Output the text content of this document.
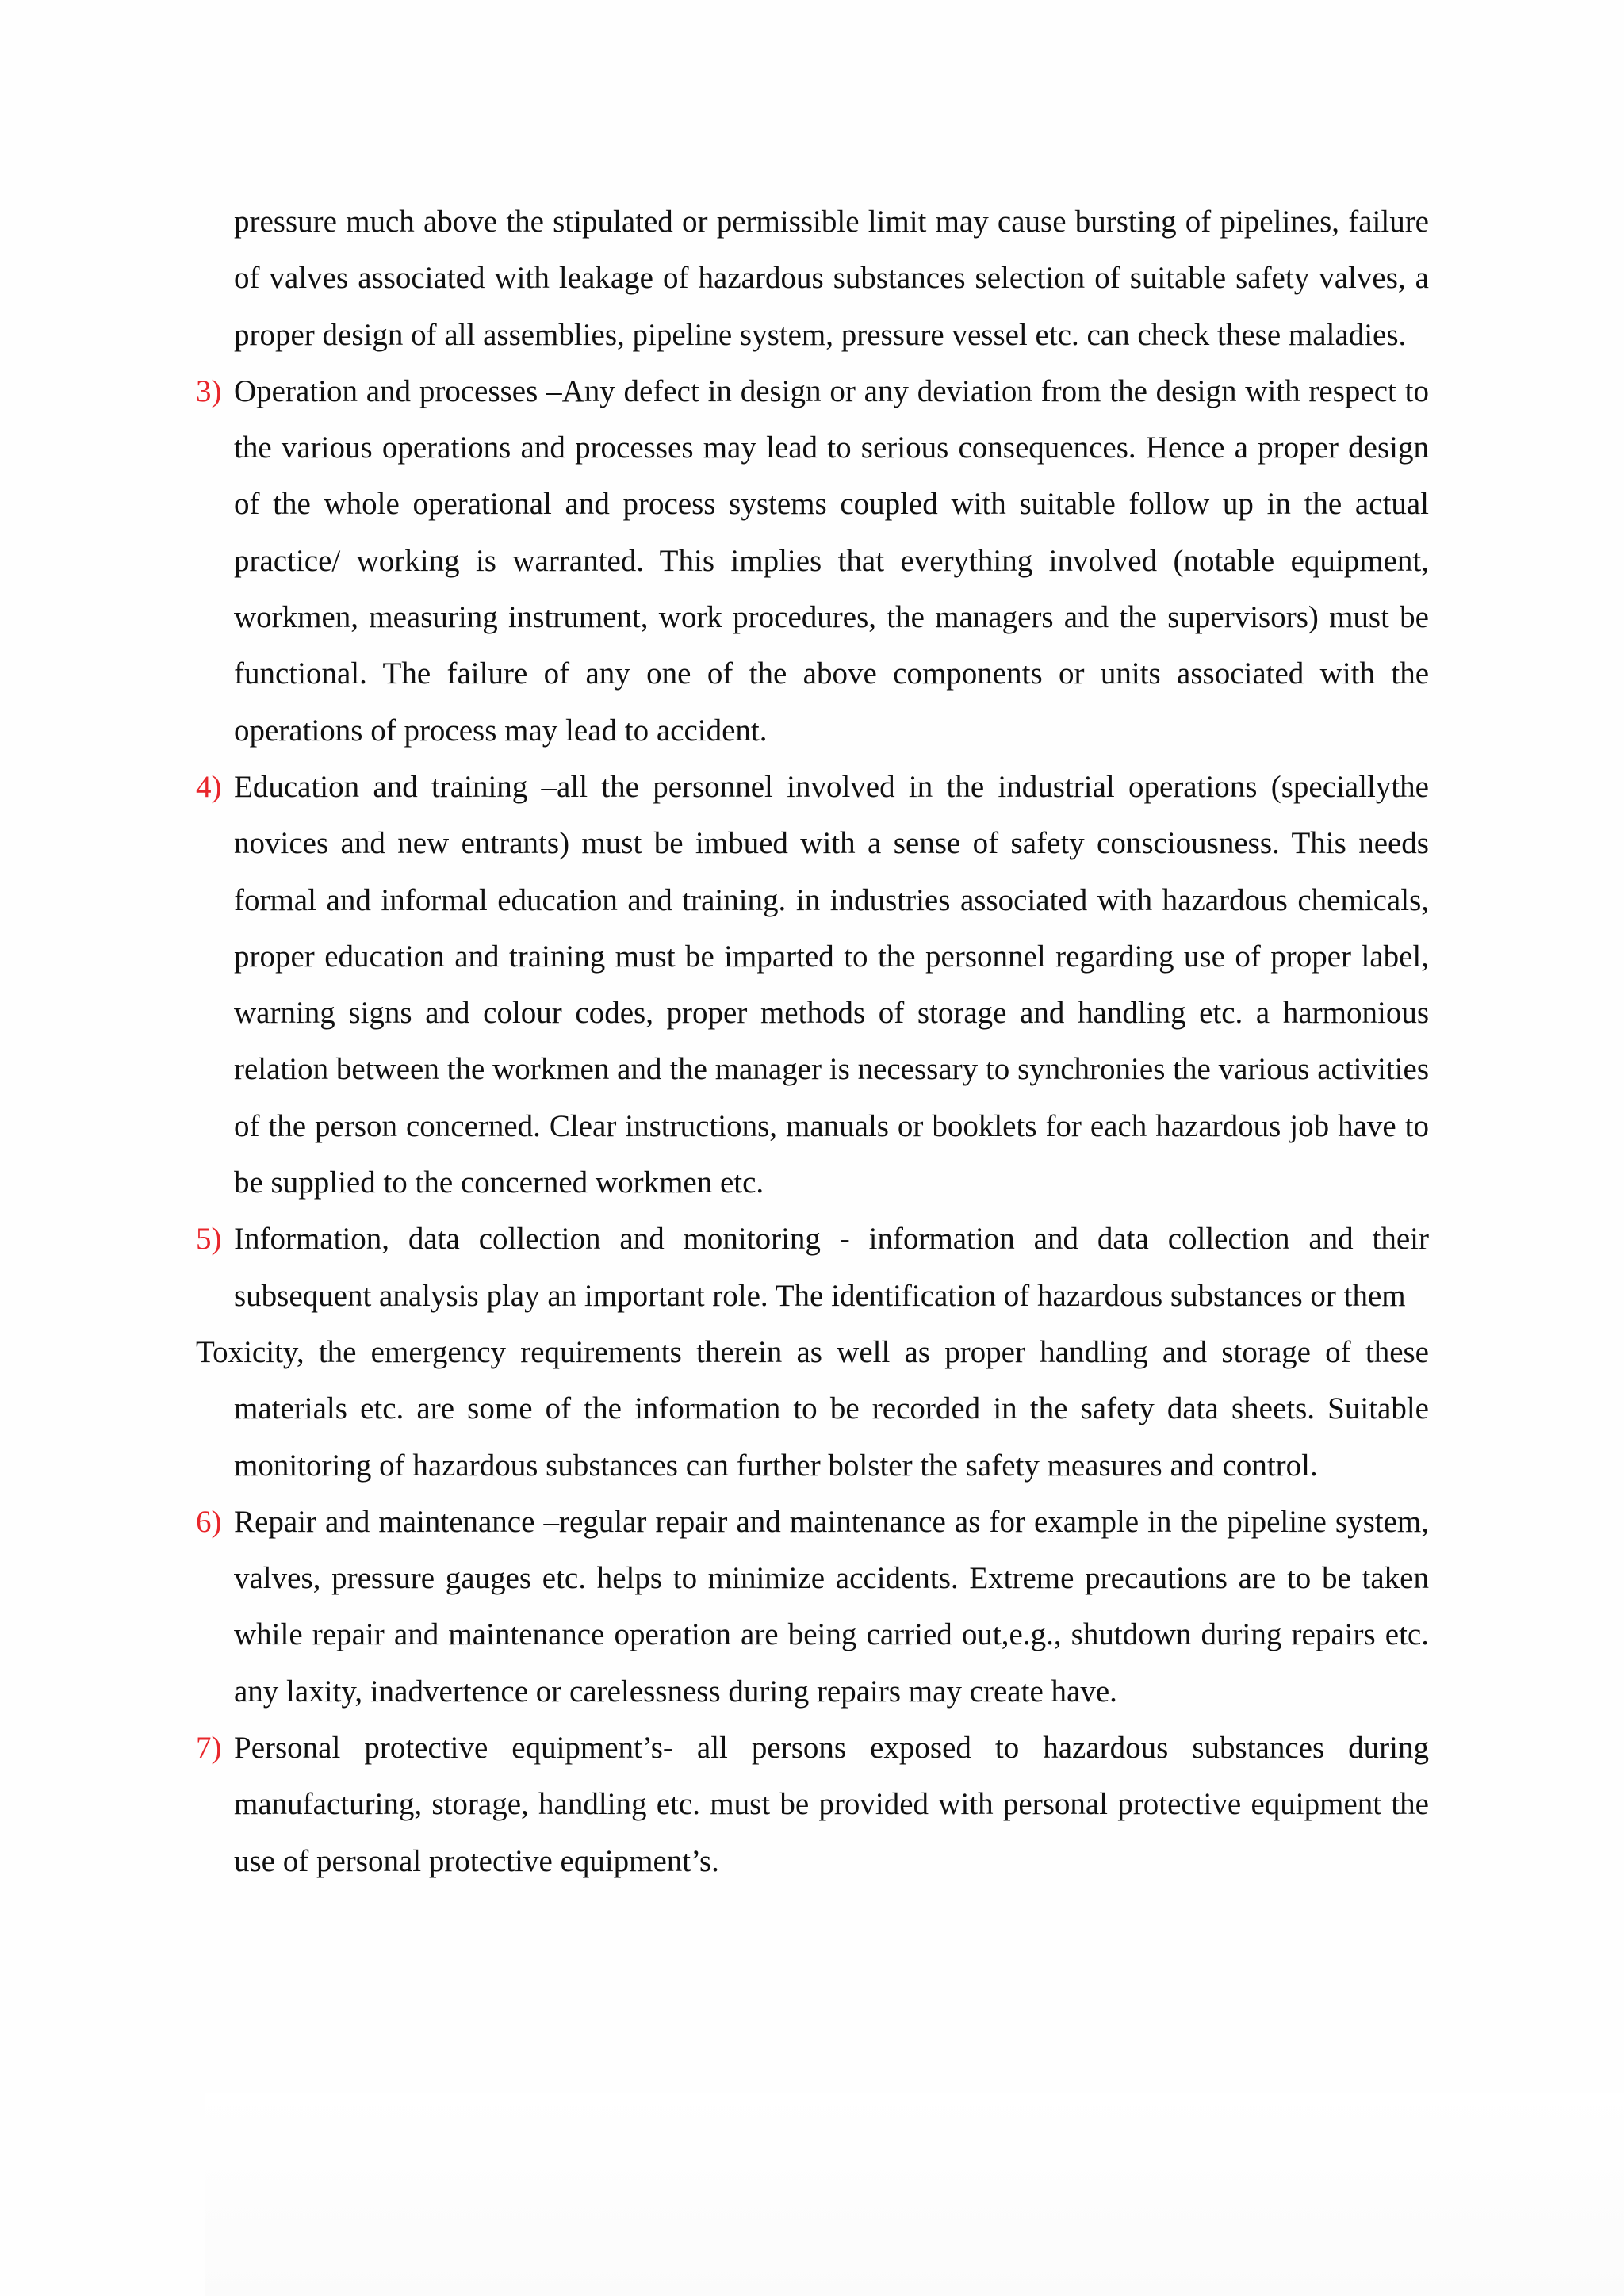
pressure much above the stipulated or permissible limit may cause bursting of pipelines, failure of valves associated with leakage of hazardous substances selection of suitable safety valves, a proper design of all assemblies, pipeline system, pressure vessel etc. can check these maladies.

3) Operation and processes –Any defect in design or any deviation from the design with respect to the various operations and processes may lead to serious consequences. Hence a proper design of the whole operational and process systems coupled with suitable follow up in the actual practice/ working is warranted. This implies that everything involved (notable equipment, workmen, measuring instrument, work procedures, the managers and the supervisors) must be functional. The failure of any one of the above components or units associated with the operations of process may lead to accident.
4) Education and training –all the personnel involved in the industrial operations (speciallythe novices and new entrants) must be imbued with a sense of safety consciousness. This needs formal and informal education and training. in industries associated with hazardous chemicals, proper education and training must be imparted to the personnel regarding use of proper label, warning signs and colour codes, proper methods of storage and handling etc. a harmonious relation between the workmen and the manager is necessary to synchronies the various activities of the person concerned. Clear instructions, manuals or booklets for each hazardous job have to be supplied to the concerned workmen etc.
5) Information, data collection and monitoring - information and data collection and their subsequent analysis play an important role. The identification of hazardous substances or them

Toxicity, the emergency requirements therein as well as proper handling and storage of these materials etc. are some of the information to be recorded in the safety data sheets. Suitable monitoring of hazardous substances can further bolster the safety measures and control.

6) Repair and maintenance –regular repair and maintenance as for example in the pipeline system, valves, pressure gauges etc. helps to minimize accidents. Extreme precautions are to be taken while repair and maintenance operation are being carried out,e.g., shutdown during repairs etc. any laxity, inadvertence or carelessness during repairs may create have.
7) Personal protective equipment’s- all persons exposed to hazardous substances during manufacturing, storage, handling etc. must be provided with personal protective equipment the use of personal protective equipment’s.
